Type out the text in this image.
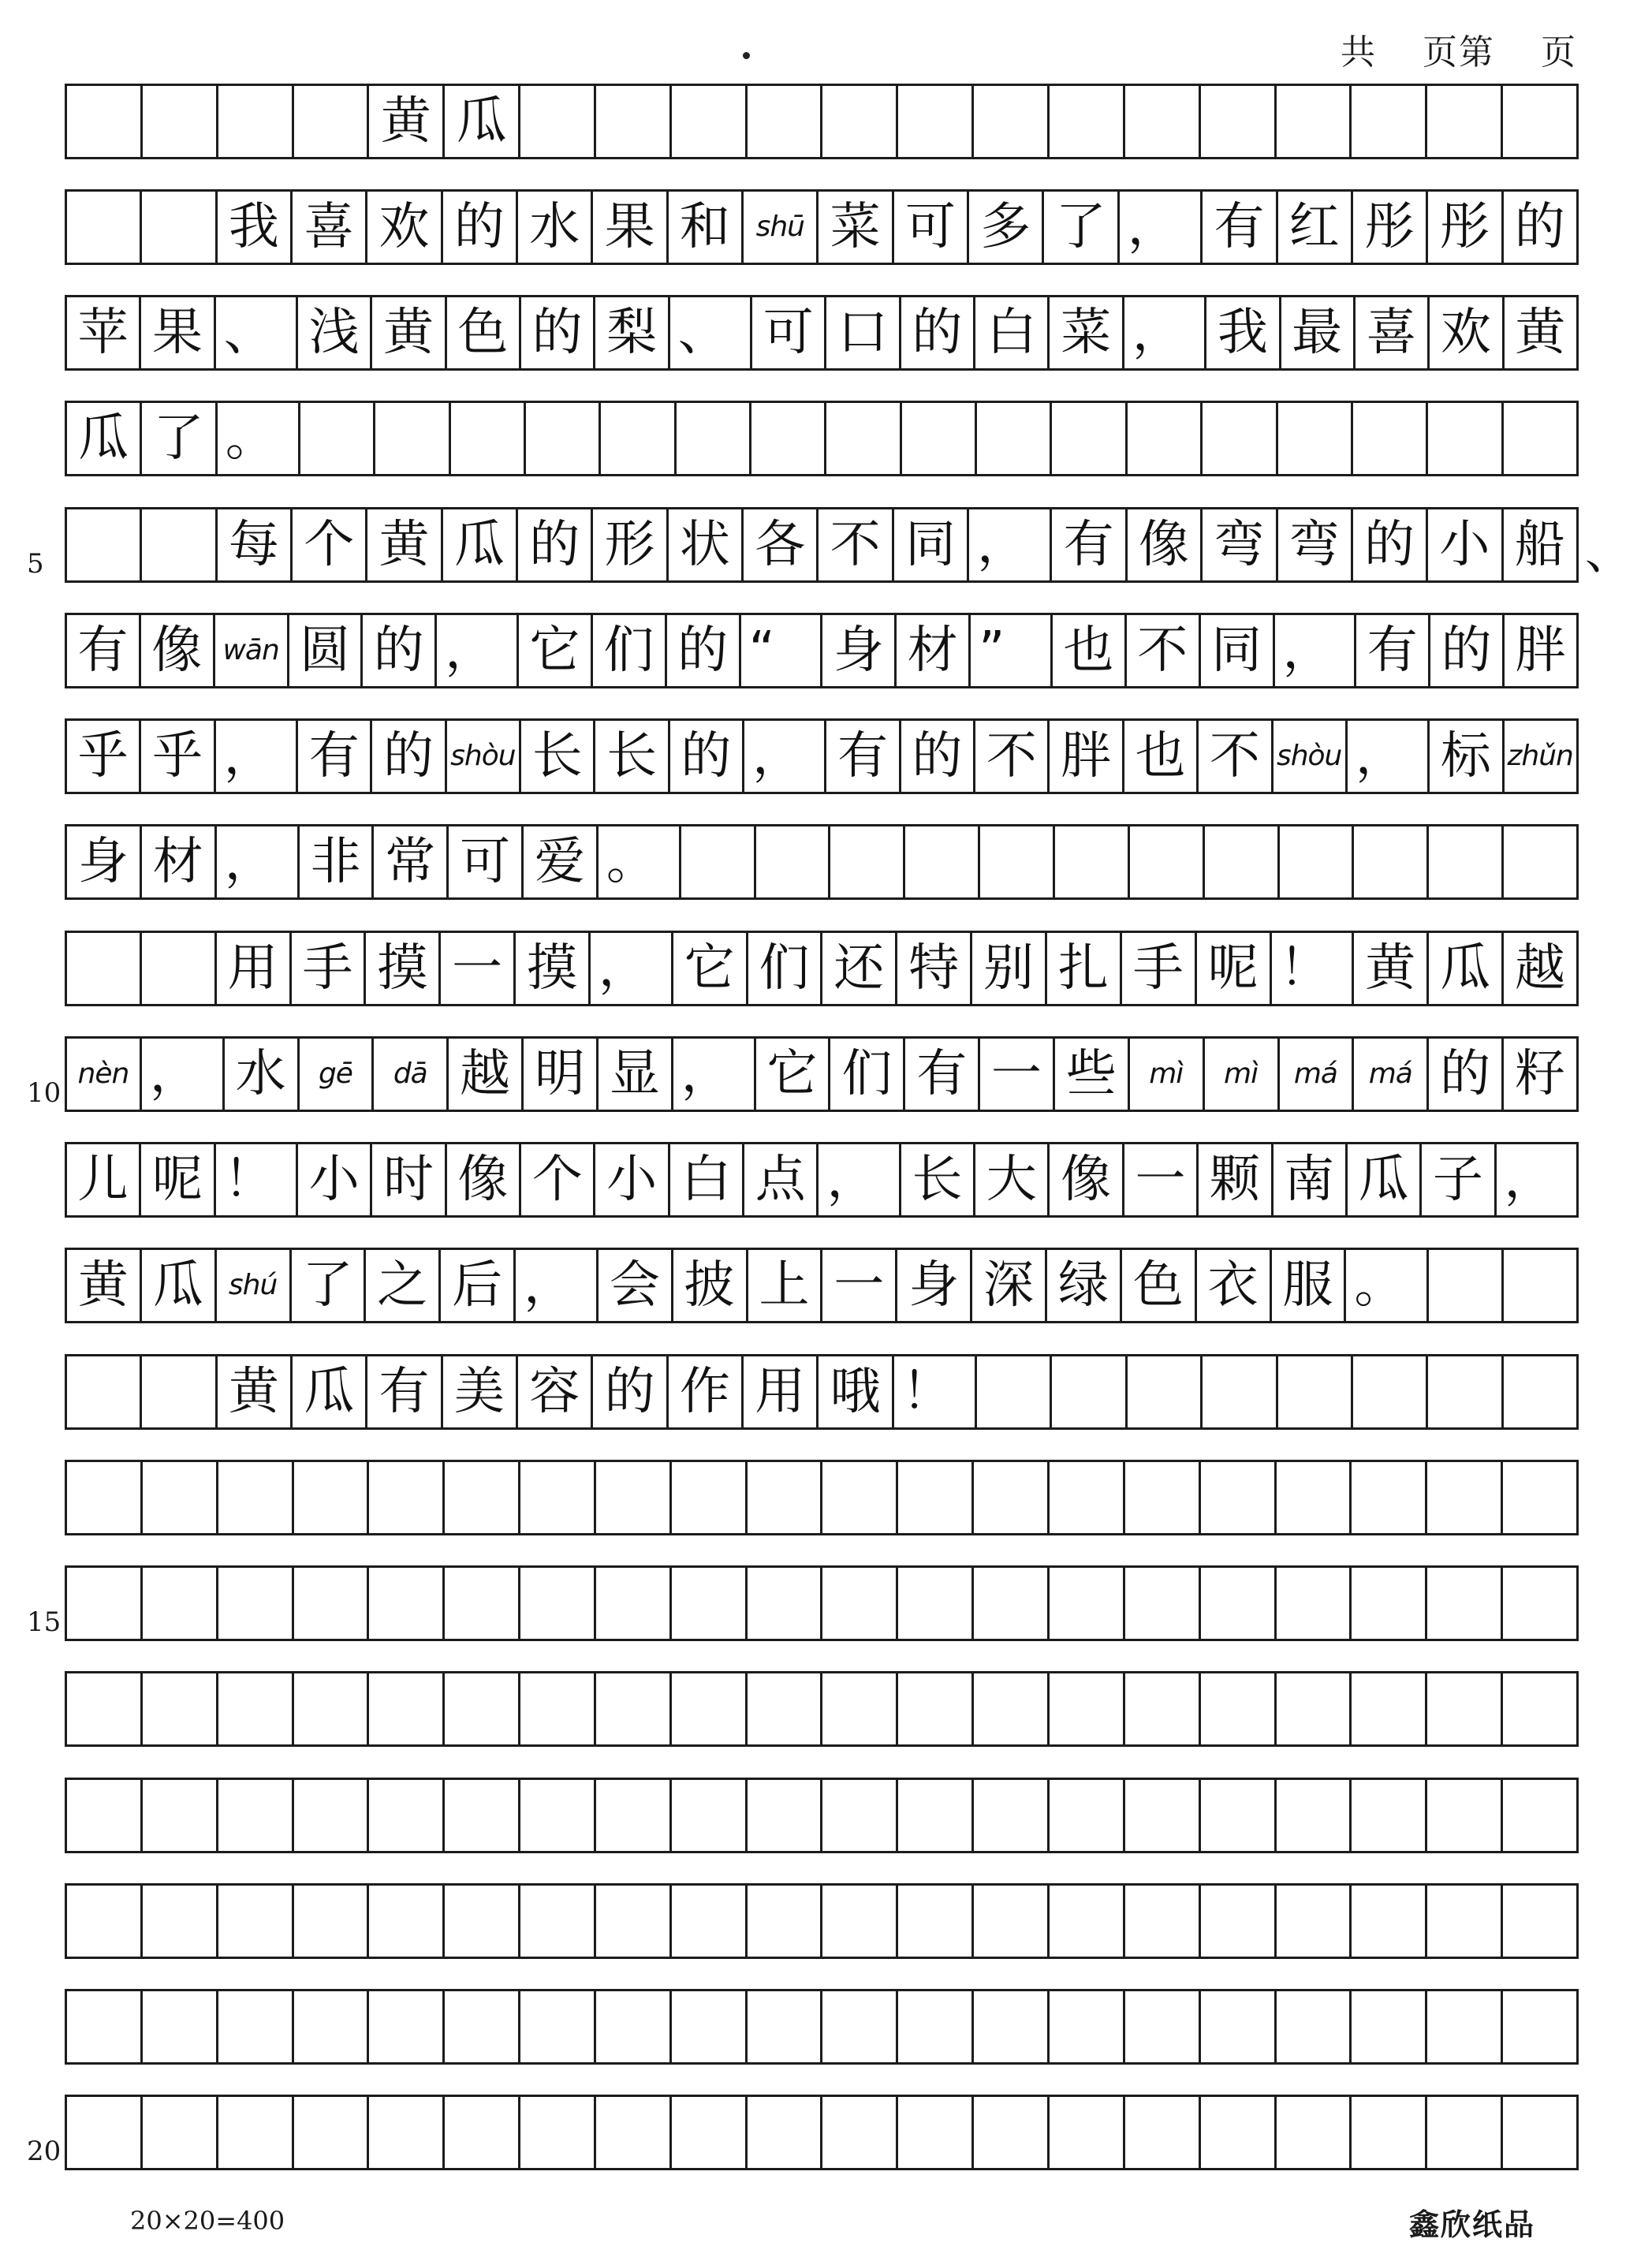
共 页第 页
黄 瓜
我 喜 欢 的 水 果 和 shū 菜 可 多 了 ， 有 红 彤 彤 的
苹 果 、 浅 黄 色 的 梨 、 可 口 的 白 菜 ， 我 最 喜 欢 黄
瓜 了 。
每 个 黄 瓜 的 形 状 各 不 同 ， 有 像 弯 弯 的 小 船
有 像 wān 圆 的 ， 它 们 的 “	身 材 ”	也 不 同 ， 有 的 胖
乎 乎 ， 有 的 shòu 长 长 的 ， 有 的 不 胖 也 不 shòu ， 标 zhǔn
身 材 ， 非 常 可 爱 。
用 手 摸 一 摸 ， 它 们 还 特 别 扎 手 呢 ！ 黄 瓜 越
nèn ， 水	gē	dā 越 明 显 ， 它 们 有 一 些	mì	mì	má	má 的 籽
儿 呢 ！ 小 时 像 个 小 白 点 ， 长 大 像 一 颗 南 瓜 子 ，
黄 瓜 shú 了 之 后 ， 会 披 上 一 身 深 绿 色 衣 服 。
黄 瓜 有 美 容 的 作 用 哦 ！
5
10
15
20
、
20×20=400	鑫欣纸品
